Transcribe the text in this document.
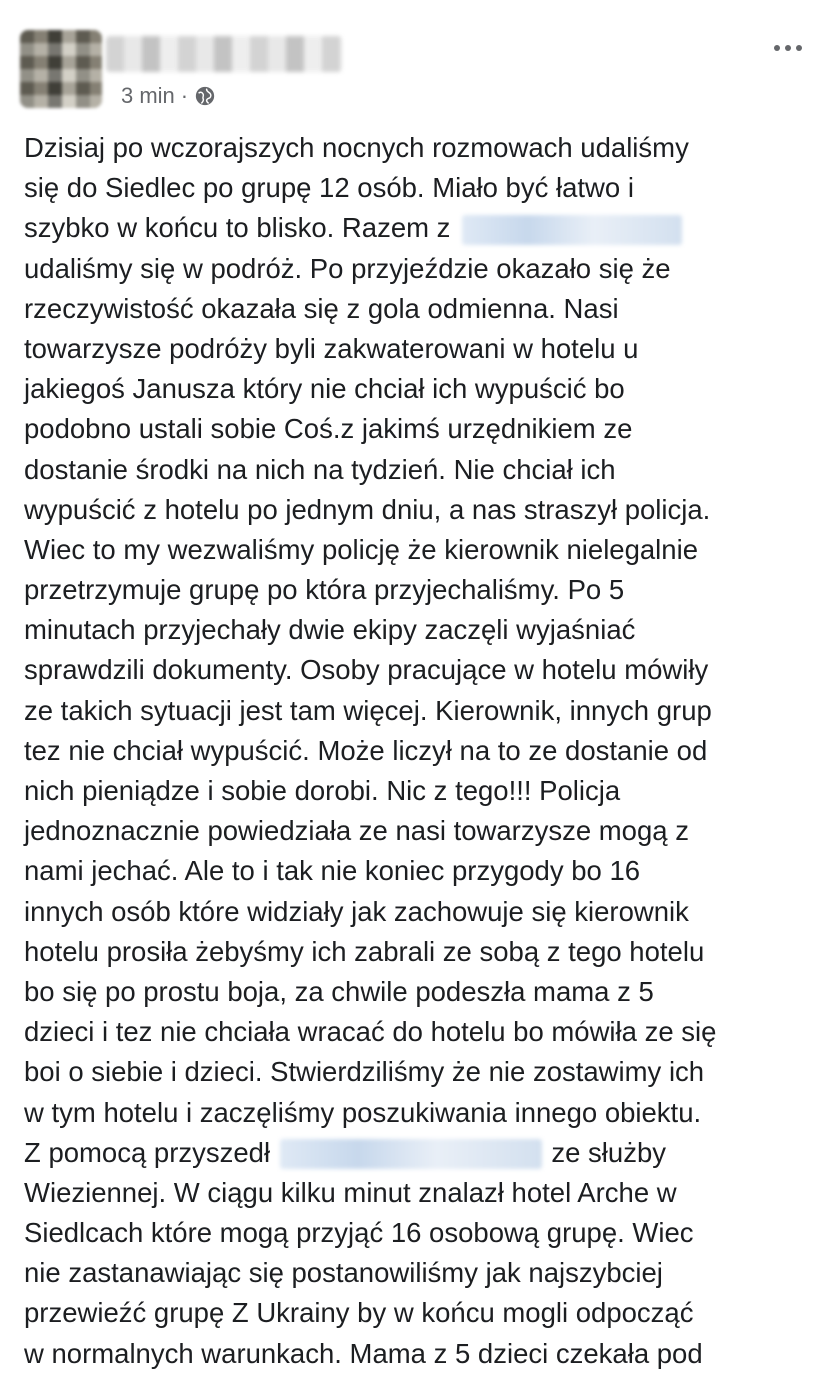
3 min ·
Dzisiaj po wczorajszych nocnych rozmowach udaliśmy
się do Siedlec po grupę 12 osób. Miało być łatwo i
szybko w końcu to blisko. Razem z
udaliśmy się w podróż. Po przyjeździe okazało się że
rzeczywistość okazała się z gola odmienna. Nasi
towarzysze podróży byli zakwaterowani w hotelu u
jakiegoś Janusza który nie chciał ich wypuścić bo
podobno ustali sobie Coś.z jakimś urzędnikiem ze
dostanie środki na nich na tydzień. Nie chciał ich
wypuścić z hotelu po jednym dniu, a nas straszył policja.
Wiec to my wezwaliśmy policję że kierownik nielegalnie
przetrzymuje grupę po która przyjechaliśmy. Po 5
minutach przyjechały dwie ekipy zaczęli wyjaśniać
sprawdzili dokumenty. Osoby pracujące w hotelu mówiły
ze takich sytuacji jest tam więcej. Kierownik, innych grup
tez nie chciał wypuścić. Może liczył na to ze dostanie od
nich pieniądze i sobie dorobi. Nic z tego!!! Policja
jednoznacznie powiedziała ze nasi towarzysze mogą z
nami jechać. Ale to i tak nie koniec przygody bo 16
innych osób które widziały jak zachowuje się kierownik
hotelu prosiła żebyśmy ich zabrali ze sobą z tego hotelu
bo się po prostu boja, za chwile podeszła mama z 5
dzieci i tez nie chciała wracać do hotelu bo mówiła ze się
boi o siebie i dzieci. Stwierdziliśmy że nie zostawimy ich
w tym hotelu i zaczęliśmy poszukiwania innego obiektu.
Z pomocą przyszedł	ze służby
Wieziennej. W ciągu kilku minut znalazł hotel Arche w
Siedlcach które mogą przyjąć 16 osobową grupę. Wiec
nie zastanawiając się postanowiliśmy jak najszybciej
przewieźć grupę Z Ukrainy by w końcu mogli odpocząć
w normalnych warunkach. Mama z 5 dzieci czekała pod
